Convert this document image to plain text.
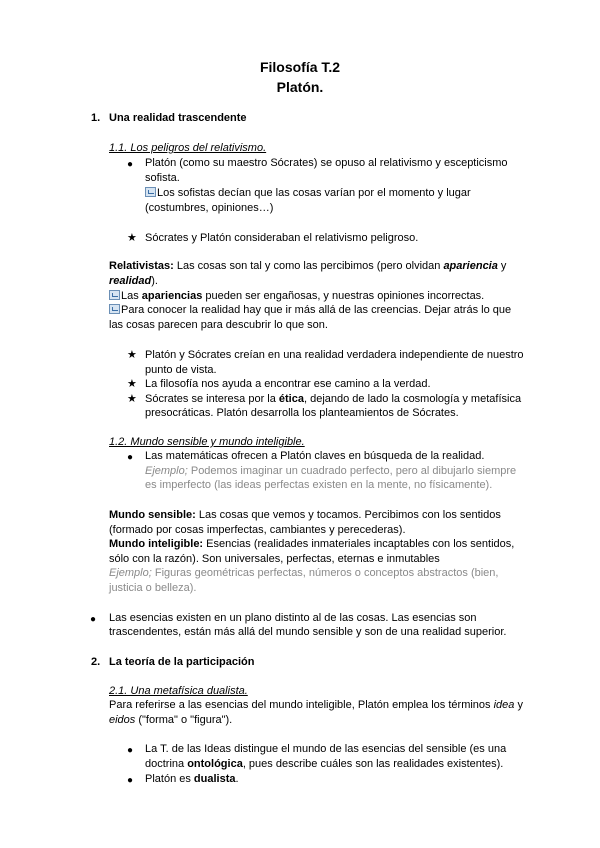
Filosofía T.2
Platón.
1. Una realidad trascendente
1.1. Los peligros del relativismo.
● Platón (como su maestro Sócrates) se opuso al relativismo y escepticismo
sofista.
Los sofistas decían que las cosas varían por el momento y lugar
(costumbres, opiniones…)
★ Sócrates y Platón consideraban el relativismo peligroso.
Relativistas: Las cosas son tal y como las percibimos (pero olvidan apariencia y
realidad).
Las apariencias pueden ser engañosas, y nuestras opiniones incorrectas.
Para conocer la realidad hay que ir más allá de las creencias. Dejar atrás lo que
las cosas parecen para descubrir lo que son.
★ Platón y Sócrates creían en una realidad verdadera independiente de nuestro
punto de vista.
★ La filosofía nos ayuda a encontrar ese camino a la verdad.
★ Sócrates se interesa por la ética, dejando de lado la cosmología y metafísica
presocráticas. Platón desarrolla los planteamientos de Sócrates.
1.2. Mundo sensible y mundo inteligible.
● Las matemáticas ofrecen a Platón claves en búsqueda de la realidad.
Ejemplo; Podemos imaginar un cuadrado perfecto, pero al dibujarlo siempre
es imperfecto (las ideas perfectas existen en la mente, no físicamente).
Mundo sensible: Las cosas que vemos y tocamos. Percibimos con los sentidos
(formado por cosas imperfectas, cambiantes y perecederas).
Mundo inteligible: Esencias (realidades inmateriales incaptables con los sentidos,
sólo con la razón). Son universales, perfectas, eternas e inmutables
Ejemplo; Figuras geométricas perfectas, números o conceptos abstractos (bien,
justicia o belleza).
● Las esencias existen en un plano distinto al de las cosas. Las esencias son
trascendentes, están más allá del mundo sensible y son de una realidad superior.
2. La teoría de la participación
2.1. Una metafísica dualista.
Para referirse a las esencias del mundo inteligible, Platón emplea los términos idea y
eidos ("forma" o "figura").
● La T. de las Ideas distingue el mundo de las esencias del sensible (es una
doctrina ontológica, pues describe cuáles son las realidades existentes).
● Platón es dualista.
